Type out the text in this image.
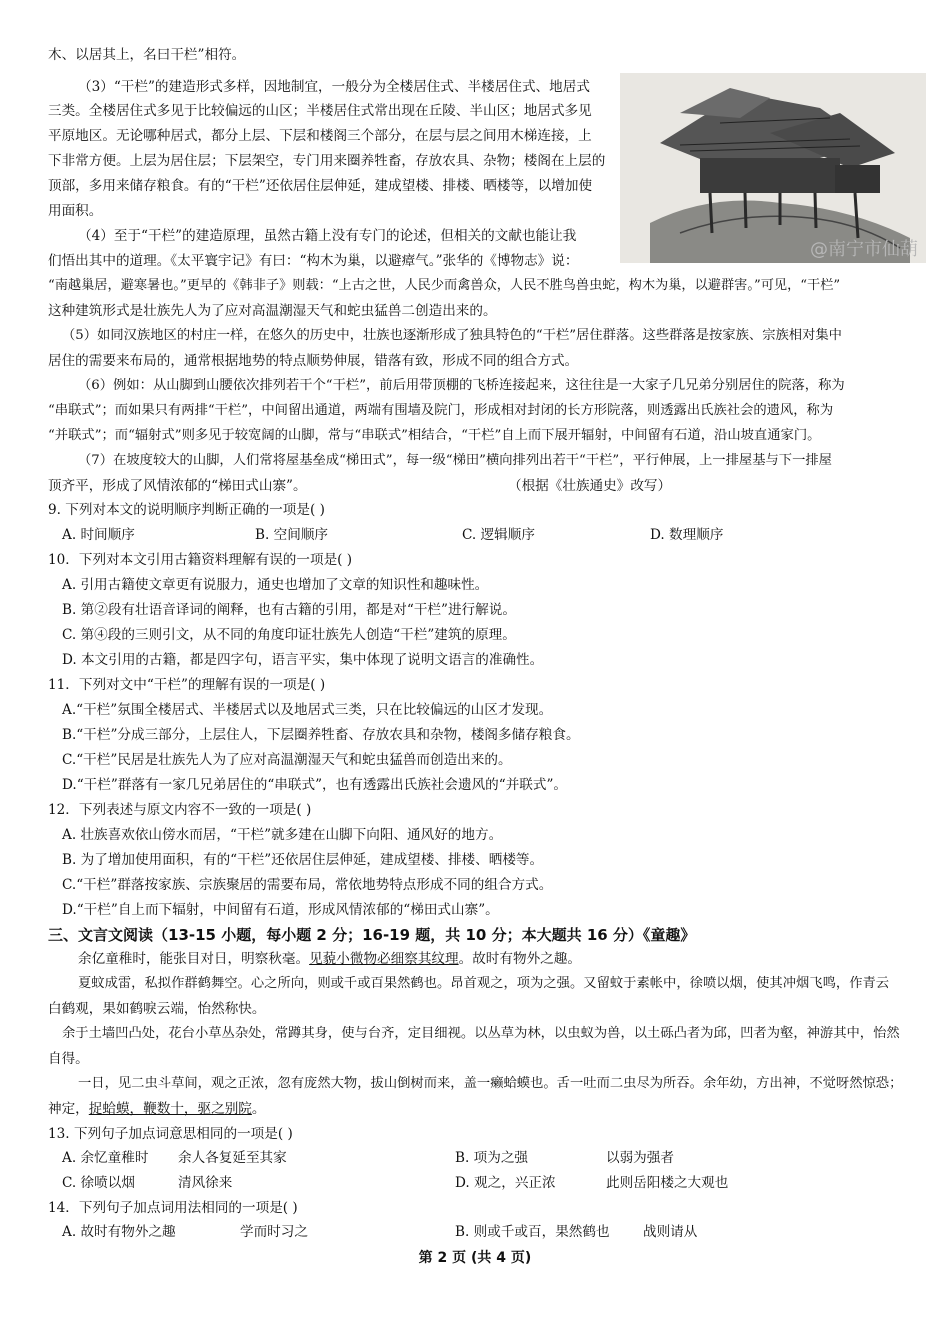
@南宁市仙葫
木、以居其上，名曰干栏”相符。
（3）“干栏”的建造形式多样，因地制宜，一般分为全楼居住式、半楼居住式、地居式
三类。全楼居住式多见于比较偏远的山区；半楼居住式常出现在丘陵、半山区；地居式多见
平原地区。无论哪种居式，都分上层、下层和楼阁三个部分，在层与层之间用木梯连接，上
下非常方便。上层为居住层；下层架空，专门用来圈养牲畜，存放农具、杂物；楼阁在上层的
顶部，多用来储存粮食。有的“干栏”还依居住层伸延，建成望楼、排楼、晒楼等，以增加使
用面积。
（4）至于“干栏”的建造原理，虽然古籍上没有专门的论述，但相关的文献也能让我
们悟出其中的道理。《太平寰宇记》有曰：“构木为巢，以避瘴气。”张华的《博物志》说：
“南越巢居，避寒暑也。”更早的《韩非子》则载：“上古之世，人民少而禽兽众，人民不胜鸟兽虫蛇，构木为巢，以避群害。”可见，“干栏”
这种建筑形式是壮族先人为了应对高温潮湿天气和蛇虫猛兽二创造出来的。
（5）如同汉族地区的村庄一样，在悠久的历史中，壮族也逐渐形成了独具特色的“干栏”居住群落。这些群落是按家族、宗族相对集中
居住的需要来布局的，通常根据地势的特点顺势伸展，错落有致，形成不同的组合方式。
（6）例如：从山脚到山腰依次排列若干个“干栏”，前后用带顶棚的飞桥连接起来，这往往是一大家子几兄弟分别居住的院落，称为
“串联式”；而如果只有两排“干栏”，中间留出通道，两端有围墙及院门，形成相对封闭的长方形院落，则透露出氏族社会的遗风，称为
“并联式”；而“辐射式”则多见于较宽阔的山脚，常与“串联式”相结合，“干栏”自上而下展开辐射，中间留有石道，沿山坡直通家门。
（7）在坡度较大的山脚，人们常将屋基垒成“梯田式”，每一级“梯田”横向排列出若干“干栏”，平行伸展，上一排屋基与下一排屋
顶齐平，形成了风情浓郁的“梯田式山寨”。	（根据《壮族通史》改写）
9. 下列对本文的说明顺序判断正确的一项是( )
A. 时间顺序	B. 空间顺序	C. 逻辑顺序	D. 数理顺序
10．下列对本文引用古籍资料理解有误的一项是( )
A. 引用古籍使文章更有说服力，通史也增加了文章的知识性和趣味性。
B. 第②段有壮语音译词的阐释，也有古籍的引用，都是对“干栏”进行解说。
C. 第④段的三则引文，从不同的角度印证壮族先人创造“干栏”建筑的原理。
D. 本文引用的古籍，都是四字句，语言平实，集中体现了说明文语言的准确性。
11．下列对文中“干栏”的理解有误的一项是( )
A.“干栏”氛围全楼居式、半楼居式以及地居式三类，只在比较偏远的山区才发现。
B.“干栏”分成三部分，上层住人，下层圈养牲畜、存放农具和杂物，楼阁多储存粮食。
C.“干栏”民居是壮族先人为了应对高温潮湿天气和蛇虫猛兽而创造出来的。
D.“干栏”群落有一家几兄弟居住的“串联式”，也有透露出氏族社会遗风的“并联式”。
12．下列表述与原文内容不一致的一项是( )
A. 壮族喜欢依山傍水而居，“干栏”就多建在山脚下向阳、通风好的地方。
B. 为了增加使用面积，有的“干栏”还依居住层伸延，建成望楼、排楼、晒楼等。
C.“干栏”群落按家族、宗族聚居的需要布局，常依地势特点形成不同的组合方式。
D.“干栏”自上而下辐射，中间留有石道，形成风情浓郁的“梯田式山寨”。
三、文言文阅读（13-15 小题，每小题 2 分；16-19 题，共 10 分；本大题共 16 分）《童趣》
余亿童稚时，能张目对日，明察秋毫。见藐小微物必细察其纹理。故时有物外之趣。
夏蚊成雷，私拟作群鹤舞空。心之所向，则或千或百果然鹤也。昂首观之，项为之强。又留蚊于素帐中，徐喷以烟，使其冲烟飞鸣，作青云
白鹤观，果如鹤唳云端，怡然称快。
余于土墙凹凸处，花台小草丛杂处，常蹲其身，使与台齐，定目细视。以丛草为林，以虫蚁为兽，以土砾凸者为邱，凹者为壑，神游其中，怡然
自得。
一日，见二虫斗草间，观之正浓，忽有庞然大物，拔山倒树而来，盖一癞蛤蟆也。舌一吐而二虫尽为所吞。余年幼，方出神，不觉呀然惊恐；
神定，捉蛤蟆，鞭数十，驱之别院。
13. 下列句子加点词意思相同的一项是( )
A. 余忆童稚时 余人各复延至其家	B. 项为之强	以弱为强者
C. 徐喷以烟	清风徐来	D. 观之，兴正浓	此则岳阳楼之大观也
14．下列句子加点词用法相同的一项是( )
A. 故时有物外之趣	学而时习之	B. 则或千或百，果然鹤也 战则请从
第 2 页 (共 4 页)
